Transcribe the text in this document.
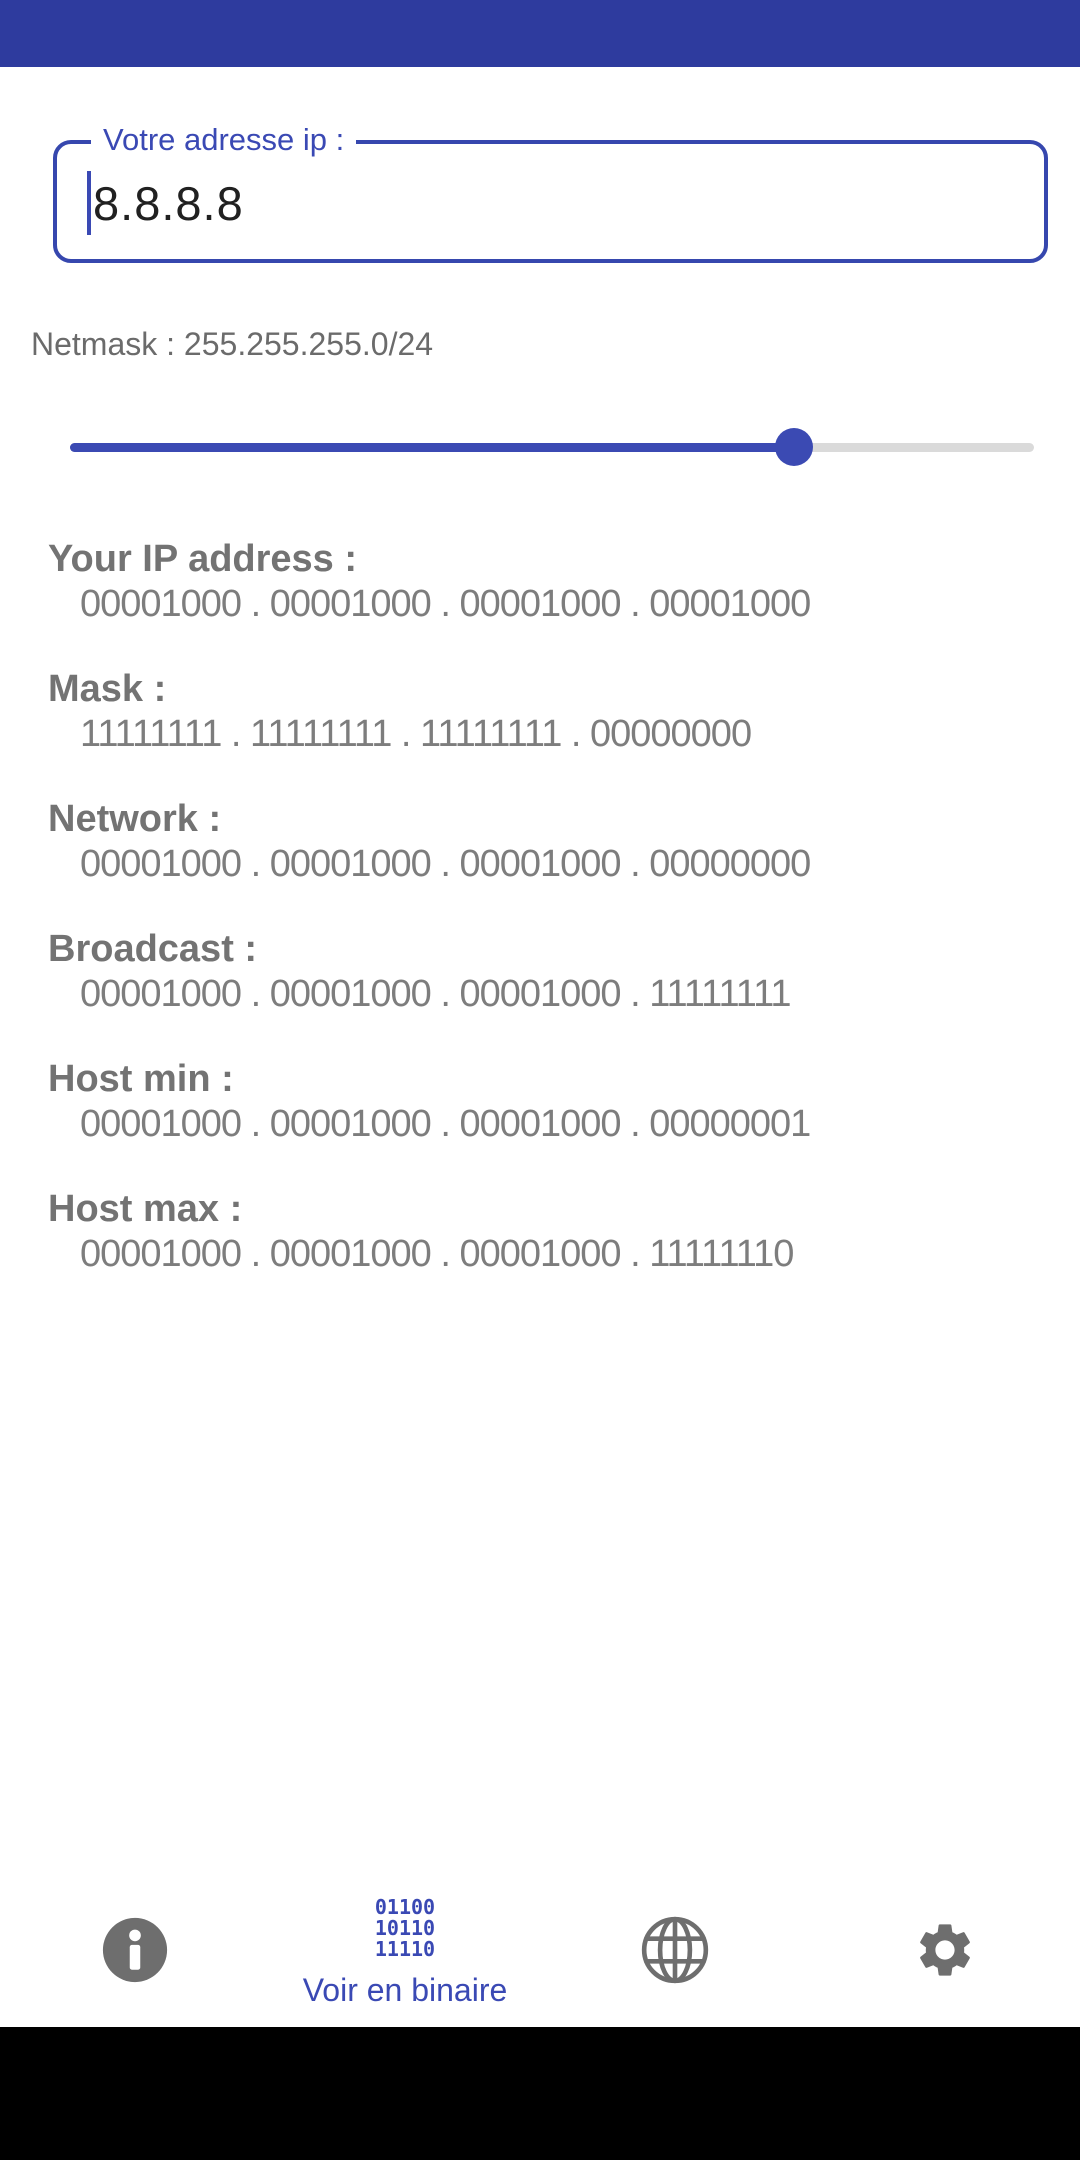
Votre adresse ip :
8.8.8.8
Netmask : 255.255.255.0/24
Your IP address :
00001000 . 00001000 . 00001000 . 00001000
Mask :
11111111 . 11111111 . 11111111 . 00000000
Network :
00001000 . 00001000 . 00001000 . 00000000
Broadcast :
00001000 . 00001000 . 00001000 . 11111111
Host min :
00001000 . 00001000 . 00001000 . 00000001
Host max :
00001000 . 00001000 . 00001000 . 11111110
01100
10110
11110
Voir en binaire
